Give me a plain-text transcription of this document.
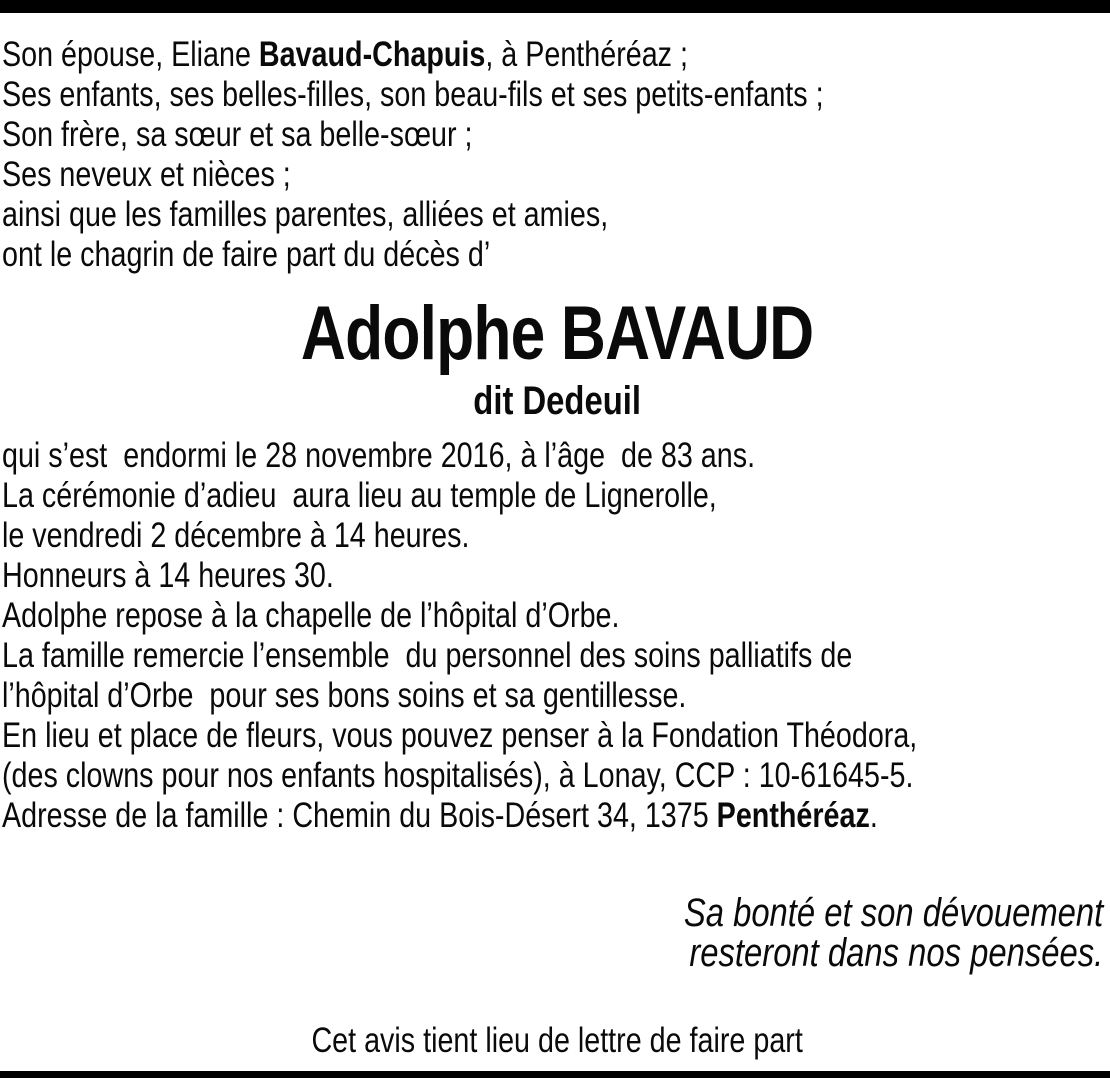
Son épouse, Eliane Bavaud-Chapuis, à Penthéréaz ;
Ses enfants, ses belles-filles, son beau-fils et ses petits-enfants ;
Son frère, sa sœur et sa belle-sœur ;
Ses neveux et nièces ;
ainsi que les familles parentes, alliées et amies,
ont le chagrin de faire part du décès d’
Adolphe BAVAUD
dit Dedeuil
qui s’est  endormi le 28 novembre 2016, à l’âge  de 83 ans.
La cérémonie d’adieu  aura lieu au temple de Lignerolle,
le vendredi 2 décembre à 14 heures.
Honneurs à 14 heures 30.
Adolphe repose à la chapelle de l’hôpital d’Orbe.
La famille remercie l’ensemble  du personnel des soins palliatifs de
l’hôpital d’Orbe  pour ses bons soins et sa gentillesse.
En lieu et place de fleurs, vous pouvez penser à la Fondation Théodora,
(des clowns pour nos enfants hospitalisés), à Lonay, CCP : 10-61645-5.
Adresse de la famille : Chemin du Bois-Désert 34, 1375 Penthéréaz.
Sa bonté et son dévouement
resteront dans nos pensées.
Cet avis tient lieu de lettre de faire part
